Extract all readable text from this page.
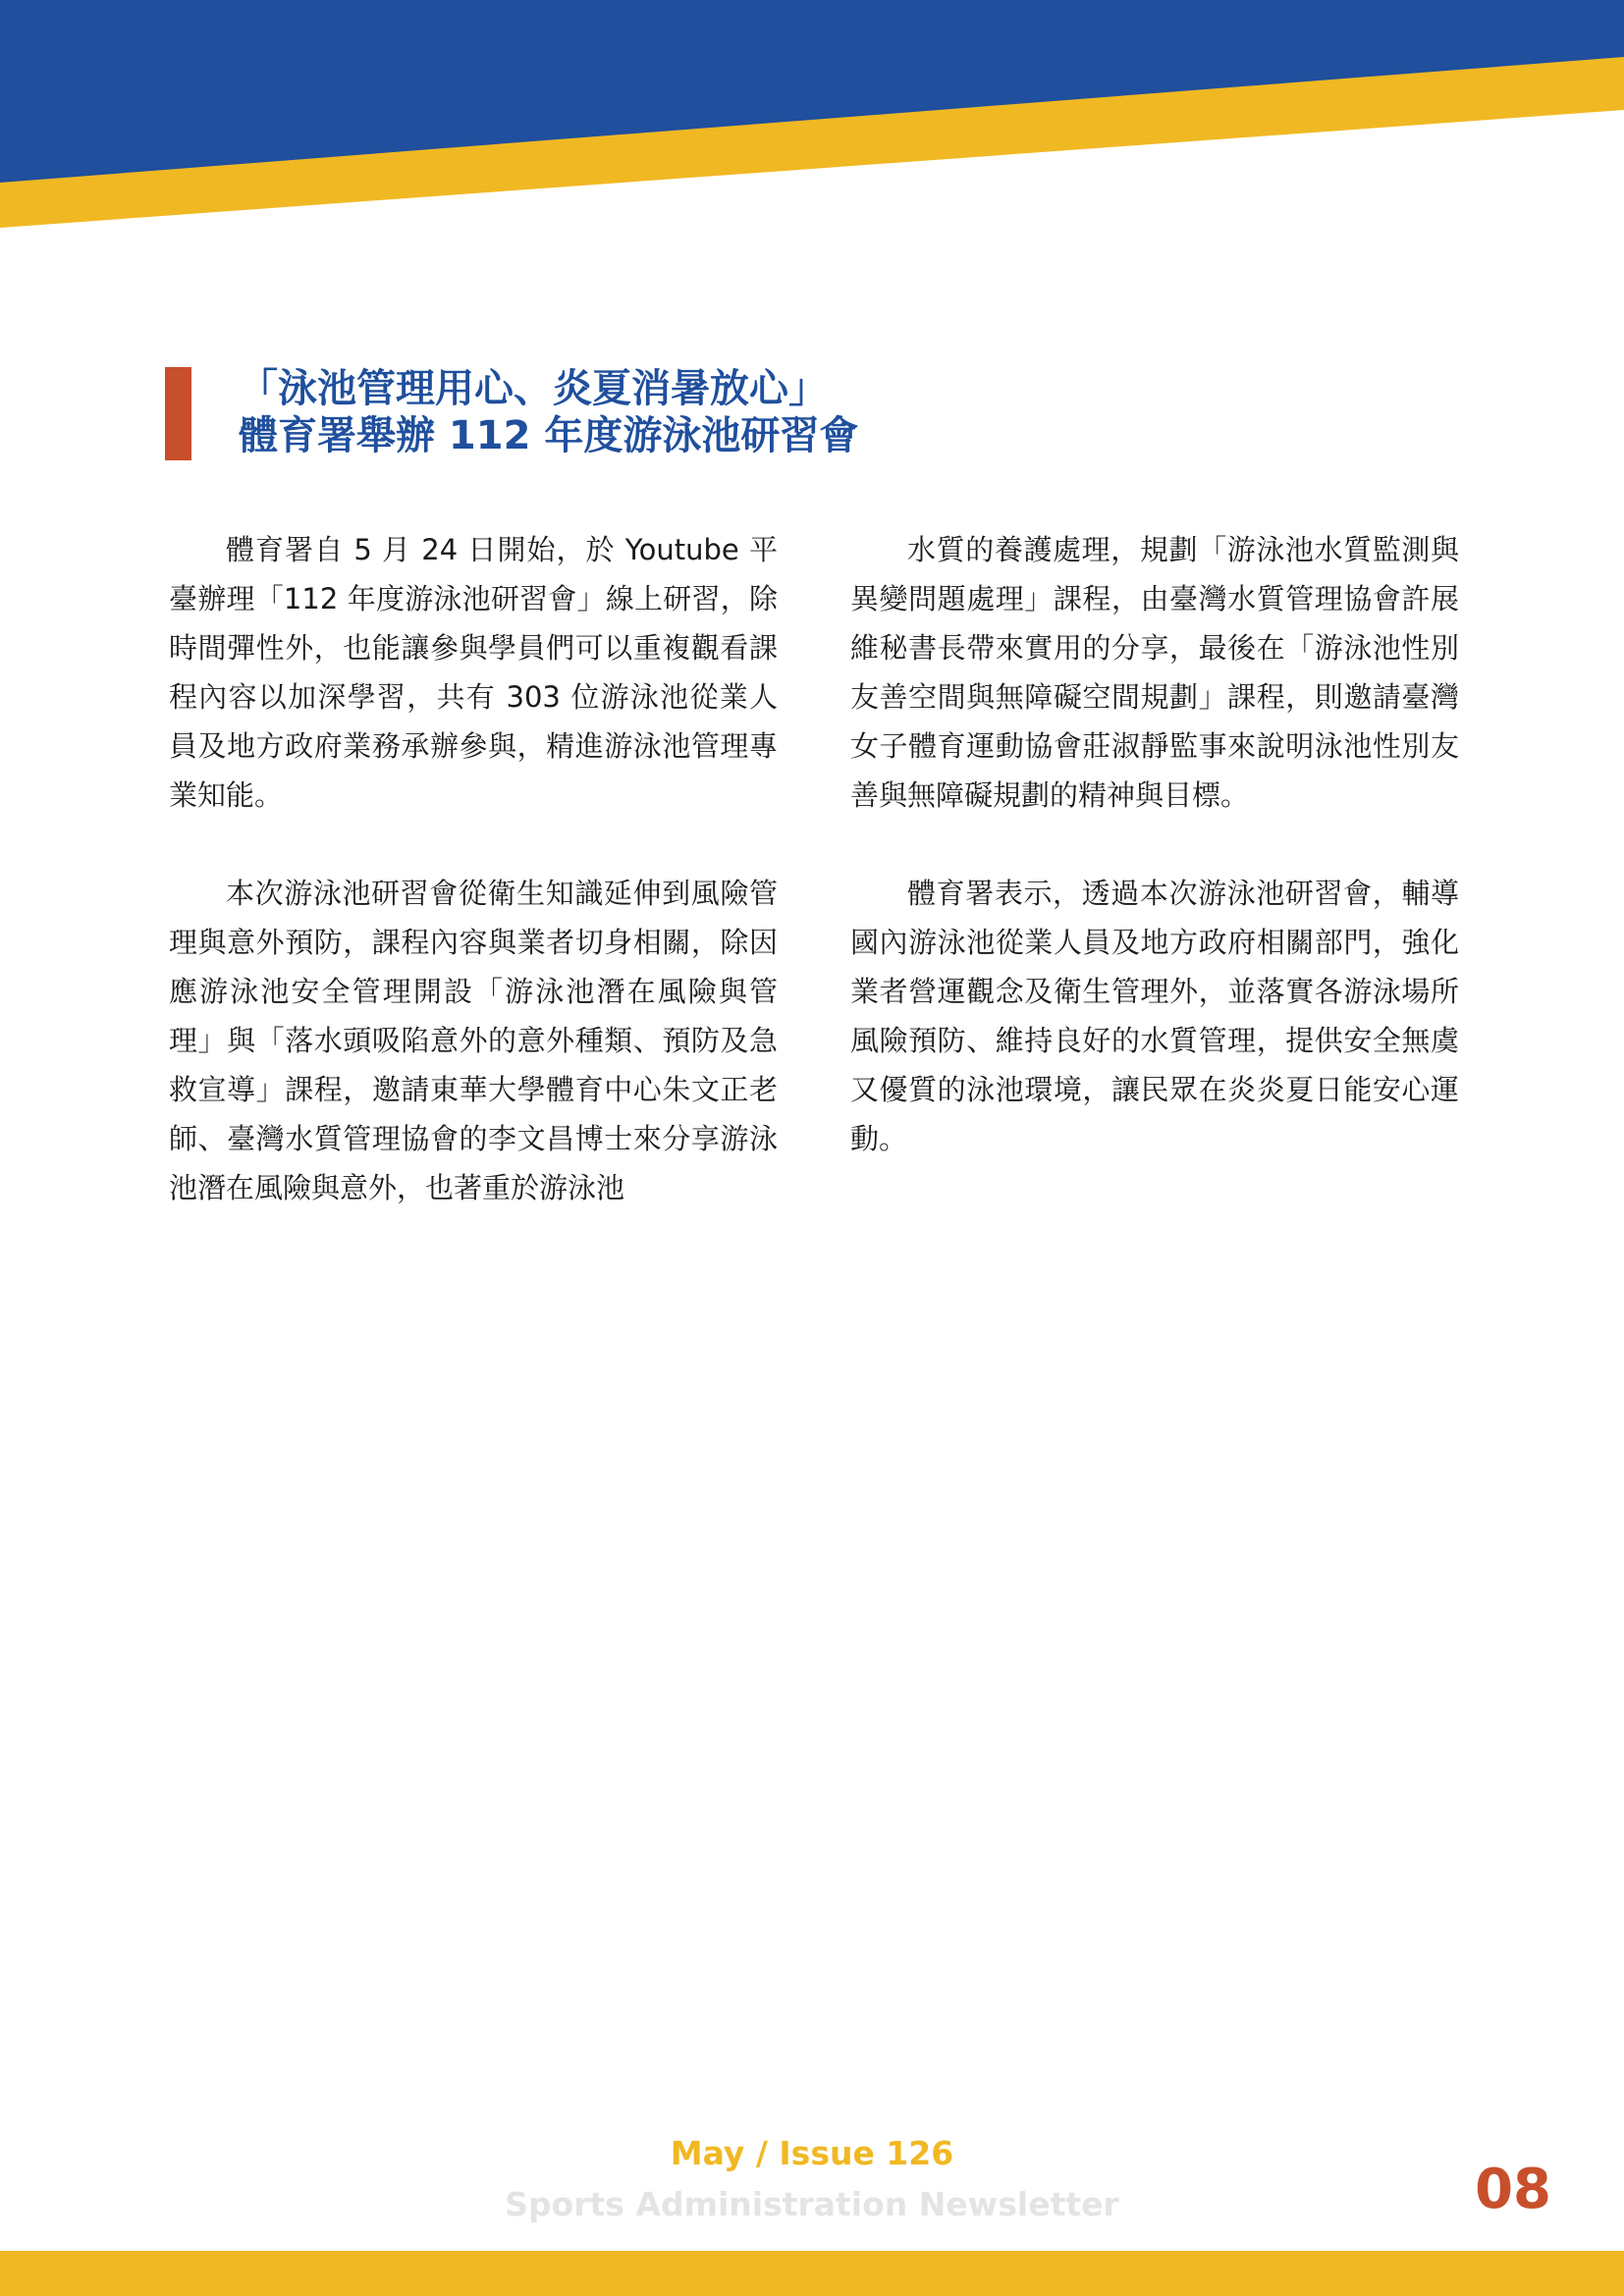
「泳池管理用心、炎夏消暑放心」
體育署舉辦 112 年度游泳池研習會

體育署自 5 月 24 日開始，於 Youtube 平臺辦理「112 年度游泳池研習會」線上研習，除時間彈性外，也能讓參與學員們可以重複觀看課程內容以加深學習，共有 303 位游泳池從業人員及地方政府業務承辦參與，精進游泳池管理專業知能。

本次游泳池研習會從衛生知識延伸到風險管理與意外預防，課程內容與業者切身相關，除因應游泳池安全管理開設「游泳池潛在風險與管理」與「落水頭吸陷意外的意外種類、預防及急救宣導」課程，邀請東華大學體育中心朱文正老師、臺灣水質管理協會的李文昌博士來分享游泳池潛在風險與意外，也著重於游泳池

水質的養護處理，規劃「游泳池水質監測與異變問題處理」課程，由臺灣水質管理協會許展維秘書長帶來實用的分享，最後在「游泳池性別友善空間與無障礙空間規劃」課程，則邀請臺灣女子體育運動協會莊淑靜監事來說明泳池性別友善與無障礙規劃的精神與目標。

體育署表示，透過本次游泳池研習會，輔導國內游泳池從業人員及地方政府相關部門，強化業者營運觀念及衛生管理外，並落實各游泳場所風險預防、維持良好的水質管理，提供安全無虞又優質的泳池環境，讓民眾在炎炎夏日能安心運動。

May / Issue 126
Sports Administration Newsletter	08
